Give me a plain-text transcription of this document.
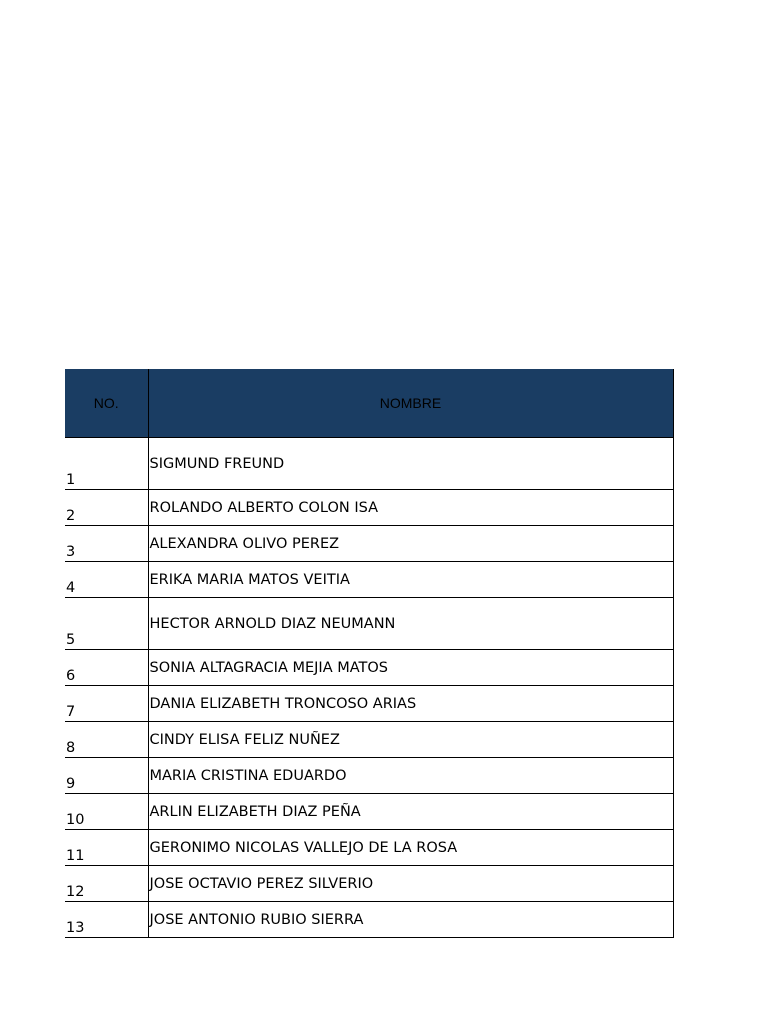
NO.	NOMBRE
1	SIGMUND FREUND
2	ROLANDO ALBERTO COLON ISA
3	ALEXANDRA OLIVO PEREZ
4	ERIKA MARIA MATOS VEITIA
5	HECTOR ARNOLD DIAZ NEUMANN
6	SONIA ALTAGRACIA MEJIA MATOS
7	DANIA ELIZABETH TRONCOSO ARIAS
8	CINDY ELISA FELIZ NUÑEZ
9	MARIA CRISTINA EDUARDO
10	ARLIN ELIZABETH DIAZ PEÑA
11	GERONIMO NICOLAS VALLEJO DE LA ROSA
12	JOSE OCTAVIO PEREZ SILVERIO
13	JOSE ANTONIO RUBIO SIERRA
